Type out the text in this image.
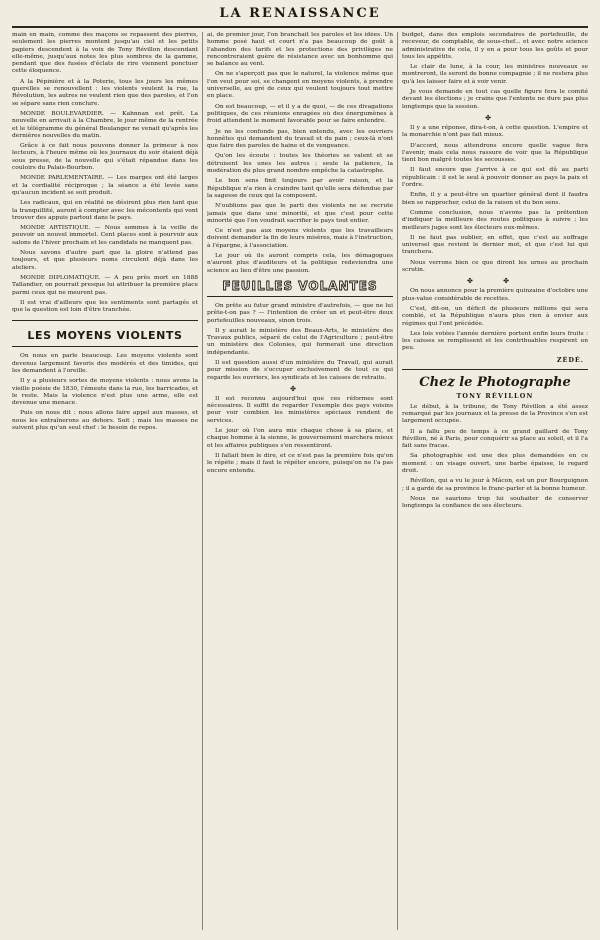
LA RENAISSANCE

main en main, comme des maçons se repassent des pierres, seulement les pierres montent jusqu'au ciel et les petits papiers descendent à la voix de Tony Révillon descendant elle-même, jusqu'aux notes les plus sombres de la gamme, pendant que des fusées d'éclats de rire viennent ponctuer cette éloquence.

A la Pépinière et à la Poterie, tous les jours les mêmes querelles se renouvellent : les violents veulent la rue, la Révolution, les autres ne veulent rien que des paroles, et l'on se sépare sans rien conclure.

MONDE BOULEVARDIER. — Kahnnan est prêt. La nouvelle en arrivait à la Chambre, le jour même de la rentrée et le télégramme du général Boulanger ne venait qu'après les dernières nouvelles du matin.

Grâce à ce fait nous pouvons donner la primeur à nos lecteurs, à l'heure même où les journaux du soir étaient déjà sous presse, de la nouvelle qui s'était répandue dans les couloirs du Palais-Bourbon.

MONDE PARLEMENTAIRE. — Les marges ont été larges et la cordialité réciproque ; la séance a été levée sans qu'aucun incident se soit produit.

Les radicaux, qui en réalité ne désirent plus rien tant que la tranquillité, auront à compter avec les mécontents qui vont trouver des appuis partout dans le pays.

MONDE ARTISTIQUE. — Nous sommes à la veille de pouvoir un nouvel immortel. Cent places sont à pourvoir aux salons de l'hiver prochain et les candidats ne manquent pas.

Nous savons d'autre part que la gloire n'attend pas toujours, et que plusieurs noms circulent déjà dans les ateliers.

MONDE DIPLOMATIQUE. — A peu près mort en 1888 Tallandier, on pourrait presque lui attribuer la première place parmi ceux qui ne meurent pas.

Il est vrai d'ailleurs que les sentiments sont partagés et que la question est loin d'être tranchée.

LES MOYENS VIOLENTS

On nous en parle beaucoup. Les moyens violents sont devenus largement favoris des modérés et des timides, qui les demandent à l'oreille.

Il y a plusieurs sortes de moyens violents : nous avons la vieille poésie de 1830, l'émeute dans la rue, les barricades, et le reste. Mais la violence n'est plus une arme, elle est devenue une menace.

Puis on nous dit : nous allons faire appel aux masses, et nous les entraînerons au dehors. Soit ; mais les masses ne suivent plus qu'un seul chef : le besoin de repos.

ai, de premier jour, l'on branchait les paroles et les idées. Un homme posé haut et court n'a pas beaucoup de goût à l'abandon des tarifs et les protections des privilèges ne rencontreraient guère de résistance avec un bonhomme qui se balance au vent.

On ne s'aperçoit pas que le naturel, la violence même que l'on veut pour soi, se changent en moyens violents, à prendre universelle, au gré de ceux qui veulent toujours tout mettre en place.

On est beaucoup, — et il y a de quoi, — de ces divagations politiques, de ces réunions enragées où des énergumènes à froid attendent le moment favorable pour se faire entendre.

Je ne les confonds pas, bien entendu, avec les ouvriers honnêtes qui demandent du travail et du pain ; ceux-là n'ont que faire des paroles de haine et de vengeance.

Qu'on les écoute : toutes les théories se valent et se détruisent les unes les autres ; seule la patience, la modération du plus grand nombre empêche la catastrophe.

Le bon sens finit toujours par avoir raison, et la République n'a rien à craindre tant qu'elle sera défendue par la sagesse de ceux qui la composent.

N'oublions pas que le parti des violents ne se recrute jamais que dans une minorité, et que c'est pour cette minorité que l'on voudrait sacrifier le pays tout entier.

Ce n'est pas aux moyens violents que les travailleurs doivent demander la fin de leurs misères, mais à l'instruction, à l'épargne, à l'association.

Le jour où ils auront compris cela, les démagogues n'auront plus d'auditeurs et la politique redeviendra une science au lieu d'être une passion.

FEUILLES VOLANTES

On prête au futur grand ministre d'autrefois, — que ne lui prête-t-on pas ? — l'intention de créer un et peut-être deux portefeuilles nouveaux, sinon trois.

Il y aurait le ministère des Beaux-Arts, le ministère des Travaux publics, séparé de celui de l'Agriculture ; peut-être un ministère des Colonies, qui formerait une direction indépendante.

Il est question aussi d'un ministère du Travail, qui aurait pour mission de s'occuper exclusivement de tout ce qui regarde les ouvriers, les syndicats et les caisses de retraite.

✤

Il est reconnu aujourd'hui que ces réformes sont nécessaires. Il suffit de regarder l'exemple des pays voisins pour voir combien les ministères spéciaux rendent de services.

Le jour où l'on aura mis chaque chose à sa place, et chaque homme à la sienne, le gouvernement marchera mieux et les affaires publiques s'en ressentiront.

Il fallait bien le dire, et ce n'est pas la première fois qu'on le répète ; mais il faut le répéter encore, puisqu'on ne l'a pas encore entendu.

budget, dans des emplois secondaires de portefeuille, de receveur, de comptable, de sous-chef... et avec notre science administrative de cela, il y en a pour tous les goûts et pour tous les appétits.

Le clair de lune, à la cour, les ministres nouveaux se montreront, ils seront de bonne compagnie ; il ne restera plus qu'à les laisser faire et à voir venir.

Je vous demande en tout cas quelle figure fera le comité devant les élections ; je crains que l'entente ne dure pas plus longtemps que la session.

✤

Il y a une réponse, dira-t-on, à cette question. L'empire et la monarchie n'ont pas fait mieux.

D'accord, nous attendrons encore quelle vague fera l'avenir, mais cela nous rassure de voir que la République tient bon malgré toutes les secousses.

Il faut encore que j'arrive à ce qui est dû au parti républicain : il est le seul à pouvoir donner au pays la paix et l'ordre.

Enfin, il y a peut-être un quartier général dont il faudra bien se rapprocher, celui de la raison et du bon sens.

Comme conclusion, nous n'avons pas la prétention d'indiquer la meilleure des routes politiques à suivre ; les meilleurs juges sont les électeurs eux-mêmes.

Il ne faut pas oublier, en effet, que c'est au suffrage universel que revient le dernier mot, et que c'est lui qui tranchera.

Nous verrons bien ce que diront les urnes au prochain scrutin.

✤ ✤

On nous annonce pour la première quinzaine d'octobre une plus-value considérable de recettes.

C'est, dit-on, un déficit de plusieurs millions qui sera comblé, et la République n'aura plus rien à envier aux régimes qui l'ont précédée.

Les lois votées l'année dernière portent enfin leurs fruits : les caisses se remplissent et les contribuables respirent un peu.

ZÉDÉ.
Chez le Photographe
TONY RÉVILLON

Le début, à la tribune, de Tony Révillon a été assez remarqué par les journaux et la presse de la Province s'en est largement occupée.

Il a fallu peu de temps à ce grand gaillard de Tony Révillon, né à Paris, pour conquérir sa place au soleil, et il l'a fait sans fracas.

Sa photographie est une des plus demandées en ce moment : un visage ouvert, une barbe épaisse, le regard droit.

Révillon, qui a vu le jour à Mâcon, est un pur Bourguignon ; il a gardé de sa province le franc-parler et la bonne humeur.

Nous ne saurions trop lui souhaiter de conserver longtemps la confiance de ses électeurs.
